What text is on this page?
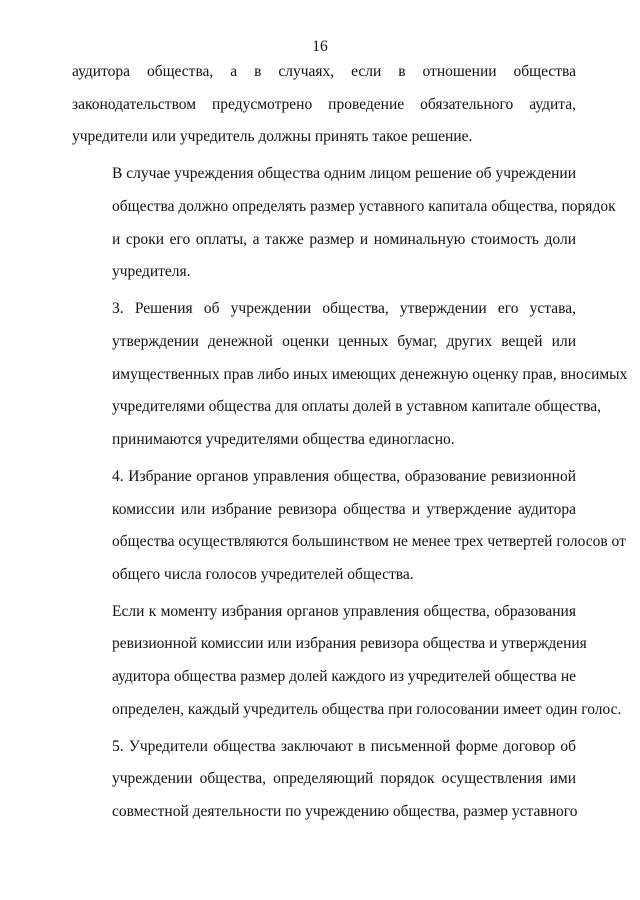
16

аудитора общества, а в случаях, если в отношении общества
законодательством предусмотрено проведение обязательного аудита,
учредители или учредитель должны принять такое решение.

В случае учреждения общества одним лицом решение об учреждении
общества должно определять размер уставного капитала общества, порядок
и сроки его оплаты, а также размер и номинальную стоимость доли
учредителя.

3. Решения об учреждении общества, утверждении его устава,
утверждении денежной оценки ценных бумаг, других вещей или
имущественных прав либо иных имеющих денежную оценку прав, вносимых
учредителями общества для оплаты долей в уставном капитале общества,
принимаются учредителями общества единогласно.

4. Избрание органов управления общества, образование ревизионной
комиссии или избрание ревизора общества и утверждение аудитора
общества осуществляются большинством не менее трех четвертей голосов от
общего числа голосов учредителей общества.

Если к моменту избрания органов управления общества, образования
ревизионной комиссии или избрания ревизора общества и утверждения
аудитора общества размер долей каждого из учредителей общества не
определен, каждый учредитель общества при голосовании имеет один голос.

5. Учредители общества заключают в письменной форме договор об
учреждении общества, определяющий порядок осуществления ими
совместной деятельности по учреждению общества, размер уставного
